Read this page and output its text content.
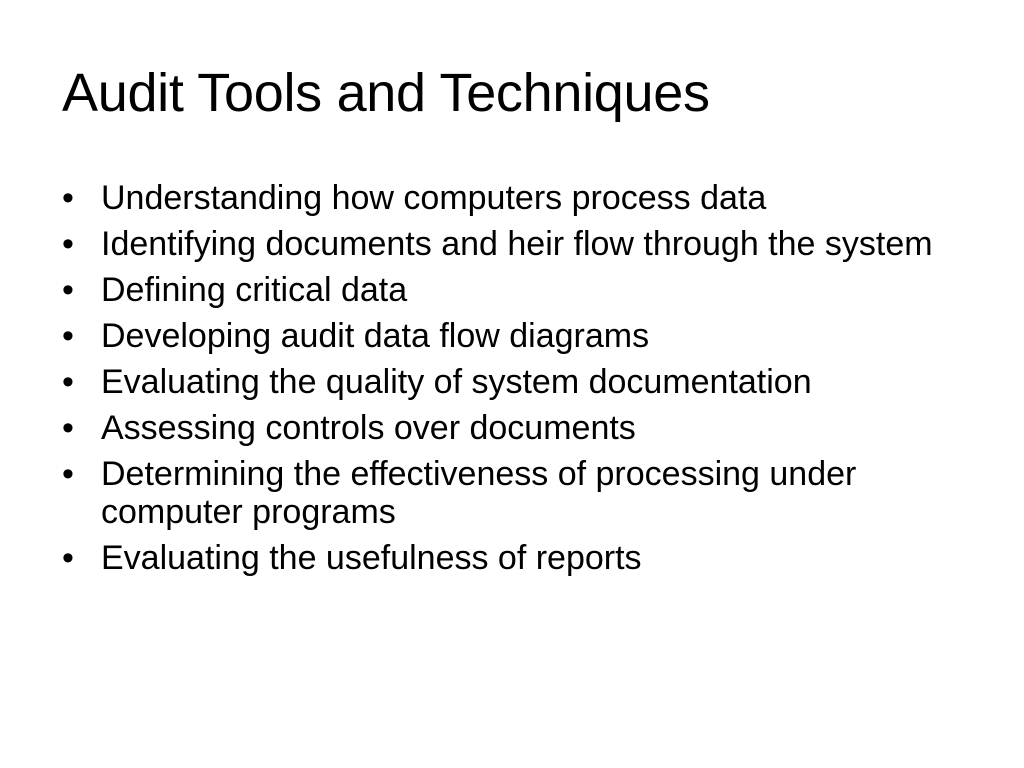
Audit Tools and Techniques
• Understanding how computers process data
• Identifying documents and heir flow through the system
• Defining critical data
• Developing audit data flow diagrams
• Evaluating the quality of system documentation
• Assessing controls over documents
• Determining the effectiveness of processing under computer programs
• Evaluating the usefulness of reports
